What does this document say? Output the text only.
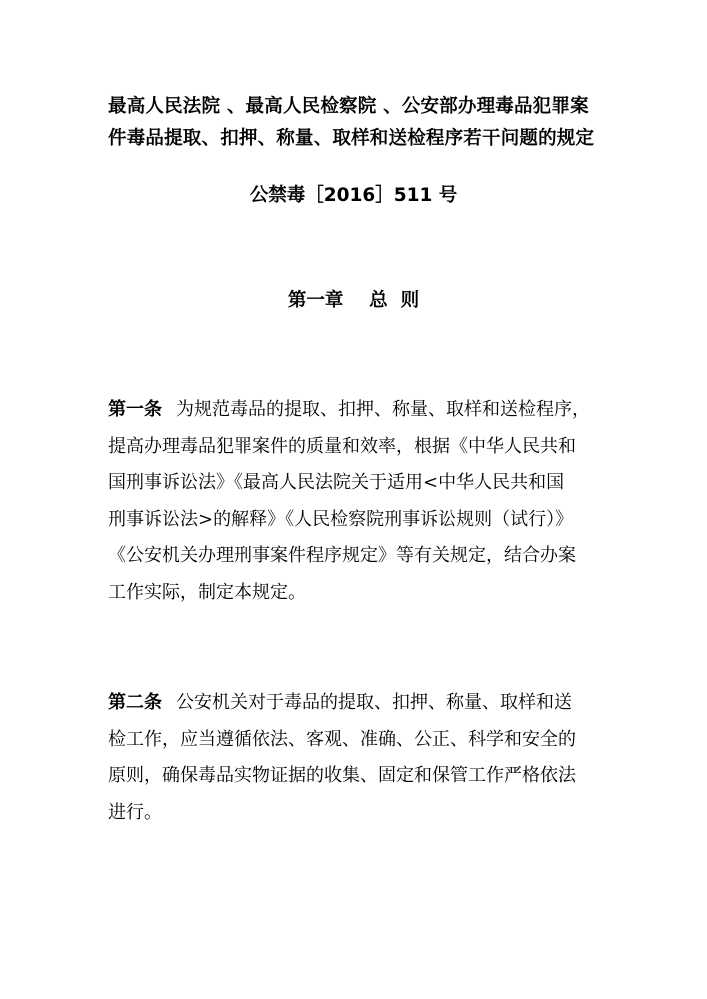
最高人民法院 、最高人民检察院 、公安部办理毒品犯罪案
件毒品提取、扣押、称量、取样和送检程序若干问题的规定
公禁毒［2016］511 号
第一章    总  则
第一条 为规范毒品的提取、扣押、称量、取样和送检程序，
提高办理毒品犯罪案件的质量和效率，根据《中华人民共和
国刑事诉讼法》《最高人民法院关于适用<中华人民共和国
刑事诉讼法>的解释》《人民检察院刑事诉讼规则（试行）》
《公安机关办理刑事案件程序规定》等有关规定，结合办案
工作实际，制定本规定。
第二条 公安机关对于毒品的提取、扣押、称量、取样和送
检工作，应当遵循依法、客观、准确、公正、科学和安全的
原则，确保毒品实物证据的收集、固定和保管工作严格依法
进行。
